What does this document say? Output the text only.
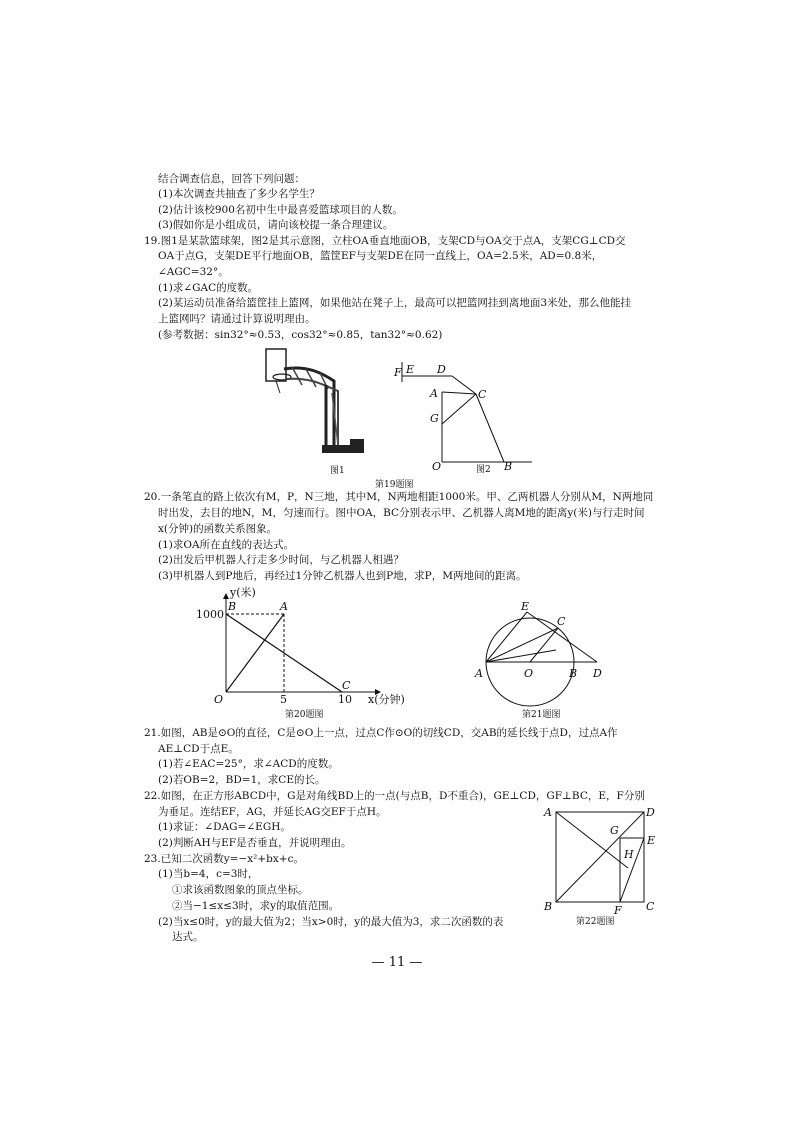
结合调查信息，回答下列问题：
(1)本次调查共抽查了多少名学生？
(2)估计该校900名初中生中最喜爱篮球项目的人数。
(3)假如你是小组成员，请向该校提一条合理建议。
19.图1是某款篮球架，图2是其示意图，立柱OA垂直地面OB，支架CD与OA交于点A，支架CG⊥CD交
OA于点G，支架DE平行地面OB，篮筐EF与支架DE在同一直线上，OA=2.5米，AD=0.8米，
∠AGC=32°。
(1)求∠GAC的度数。
(2)某运动员准备给篮筐挂上篮网，如果他站在凳子上，最高可以把篮网挂到离地面3米处，那么他能挂
上篮网吗？请通过计算说明理由。
(参考数据：sin32°≈0.53，cos32°≈0.85，tan32°≈0.62)
图1
F E D
C
A
G
O	B
图2
第19题图
20.一条笔直的路上依次有M，P，N三地，其中M，N两地相距1000米。甲、乙两机器人分别从M，N两地同
时出发，去目的地N，M，匀速而行。图中OA，BC分别表示甲、乙机器人离M地的距离y(米)与行走时间
x(分钟)的函数关系图象。
(1)求OA所在直线的表达式。
(2)出发后甲机器人行走多少时间，与乙机器人相遇？
(3)甲机器人到P地后，再经过1分钟乙机器人也到P地，求P，M两地间的距离。
y(米)
x(分钟)
1000
5	10
O
A
B
C
第20题图
E
C
A	O	B D
第21题图
21.如图，AB是⊙O的直径，C是⊙O上一点，过点C作⊙O的切线CD，交AB的延长线于点D，过点A作
AE⊥CD于点E。
(1)若∠EAC=25°，求∠ACD的度数。
(2)若OB=2，BD=1，求CE的长。
22.如图，在正方形ABCD中，G是对角线BD上的一点(与点B，D不重合)，GE⊥CD，GF⊥BC，E，F分别
为垂足。连结EF，AG，并延长AG交EF于点H。
(1)求证：∠DAG=∠EGH。
(2)判断AH与EF是否垂直，并说明理由。
23.已知二次函数y=−x²+bx+c。
(1)当b=4，c=3时，
①求该函数图象的顶点坐标。
②当−1≤x≤3时，求y的取值范围。
(2)当x≤0时，y的最大值为2；当x>0时，y的最大值为3，求二次函数的表
达式。
A	D
G
E
H
B	F C
第22题图
— 11 —
